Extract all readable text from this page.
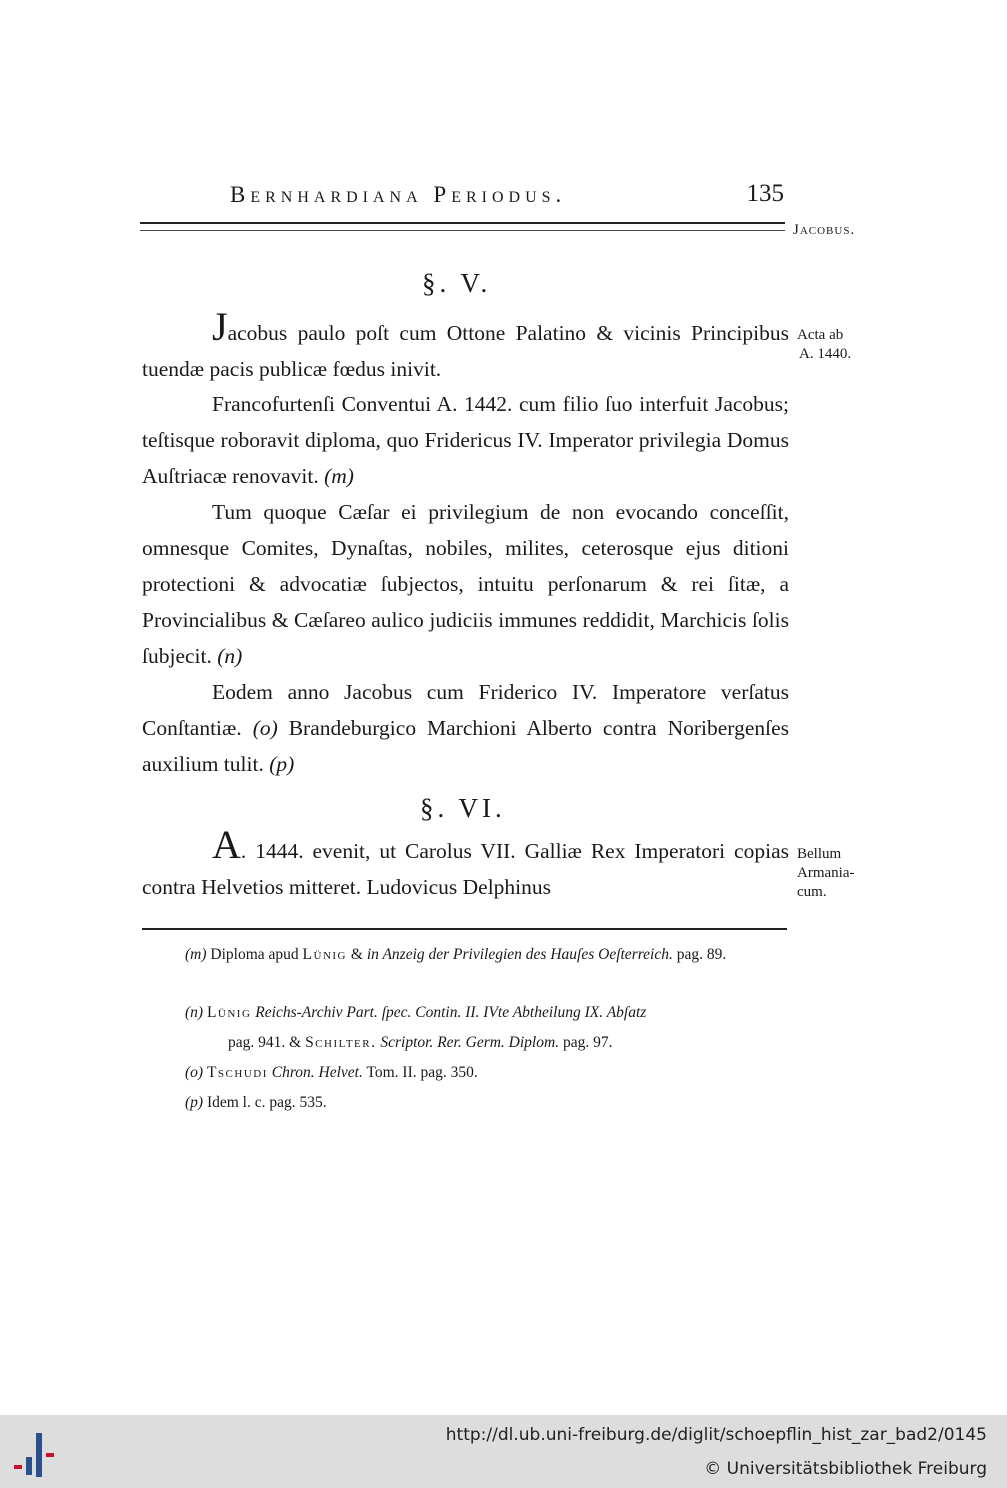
Bernhardiana Periodus.	135
Jacobus.
§. V.

Jacobus paulo poſt cum Ottone Palatino & vicinis Principibus tuendæ pacis publicæ fœdus inivit.

Francofurtenſi Conventui A. 1442. cum filio ſuo interfuit Jacobus; teſtisque roboravit diploma, quo Fridericus IV. Imperator privilegia Domus Auſtriacæ renovavit. (m)

Tum quoque Cæſar ei privilegium de non evocando conceſſit, omnesque Comites, Dynaſtas, nobiles, milites, ceterosque ejus ditioni protectioni & advocatiæ ſubjectos, intuitu perſonarum & rei ſitæ, a Provincialibus & Cæſareo aulico judiciis immunes reddidit, Marchicis ſolis ſubjecit. (n)

Eodem anno Jacobus cum Friderico IV. Imperatore verſatus Conſtantiæ. (o) Brandeburgico Marchioni Alberto contra Noribergenſes auxilium tulit. (p)

§. VI.

A. 1444. evenit, ut Carolus VII. Galliæ Rex Imperatori copias contra Helvetios mitteret. Ludovicus Delphinus

Acta ab
A. 1440.
Bellum
Armania-
cum.
(m) Diploma apud Lünig & in Anzeig der Privilegien des Hauſes Oeſterreich. pag. 89.
(n) Lünig Reichs-Archiv Part. ſpec. Contin. II. IVte Abtheilung IX. Abſatz
pag. 941. & Schilter. Scriptor. Rer. Germ. Diplom. pag. 97.
(o) Tschudi Chron. Helvet. Tom. II. pag. 350.
(p) Idem l. c. pag. 535.
http://dl.ub.uni-freiburg.de/diglit/schoepflin_hist_zar_bad2/0145
© Universitätsbibliothek Freiburg
